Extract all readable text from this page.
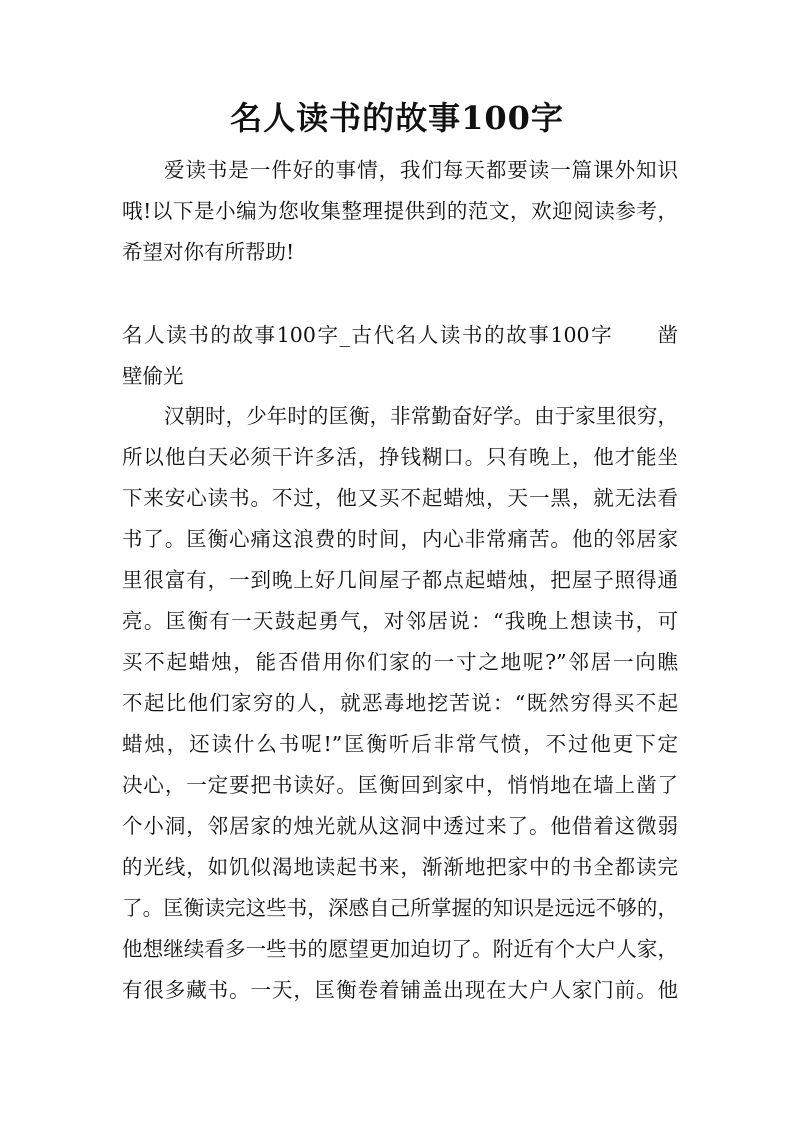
名人读书的故事100字
爱读书是一件好的事情，我们每天都要读一篇课外知识
哦!以下是小编为您收集整理提供到的范文，欢迎阅读参考，
希望对你有所帮助!
名人读书的故事100字_古代名人读书的故事100字　　凿
壁偷光
汉朝时，少年时的匡衡，非常勤奋好学。由于家里很穷，
所以他白天必须干许多活，挣钱糊口。只有晚上，他才能坐
下来安心读书。不过，他又买不起蜡烛，天一黑，就无法看
书了。匡衡心痛这浪费的时间，内心非常痛苦。他的邻居家
里很富有，一到晚上好几间屋子都点起蜡烛，把屋子照得通
亮。匡衡有一天鼓起勇气，对邻居说：“我晚上想读书，可
买不起蜡烛，能否借用你们家的一寸之地呢?”邻居一向瞧
不起比他们家穷的人，就恶毒地挖苦说：“既然穷得买不起
蜡烛，还读什么书呢!”匡衡听后非常气愤，不过他更下定
决心，一定要把书读好。匡衡回到家中，悄悄地在墙上凿了
个小洞，邻居家的烛光就从这洞中透过来了。他借着这微弱
的光线，如饥似渴地读起书来，渐渐地把家中的书全都读完
了。匡衡读完这些书，深感自己所掌握的知识是远远不够的，
他想继续看多一些书的愿望更加迫切了。附近有个大户人家，
有很多藏书。一天，匡衡卷着铺盖出现在大户人家门前。他
